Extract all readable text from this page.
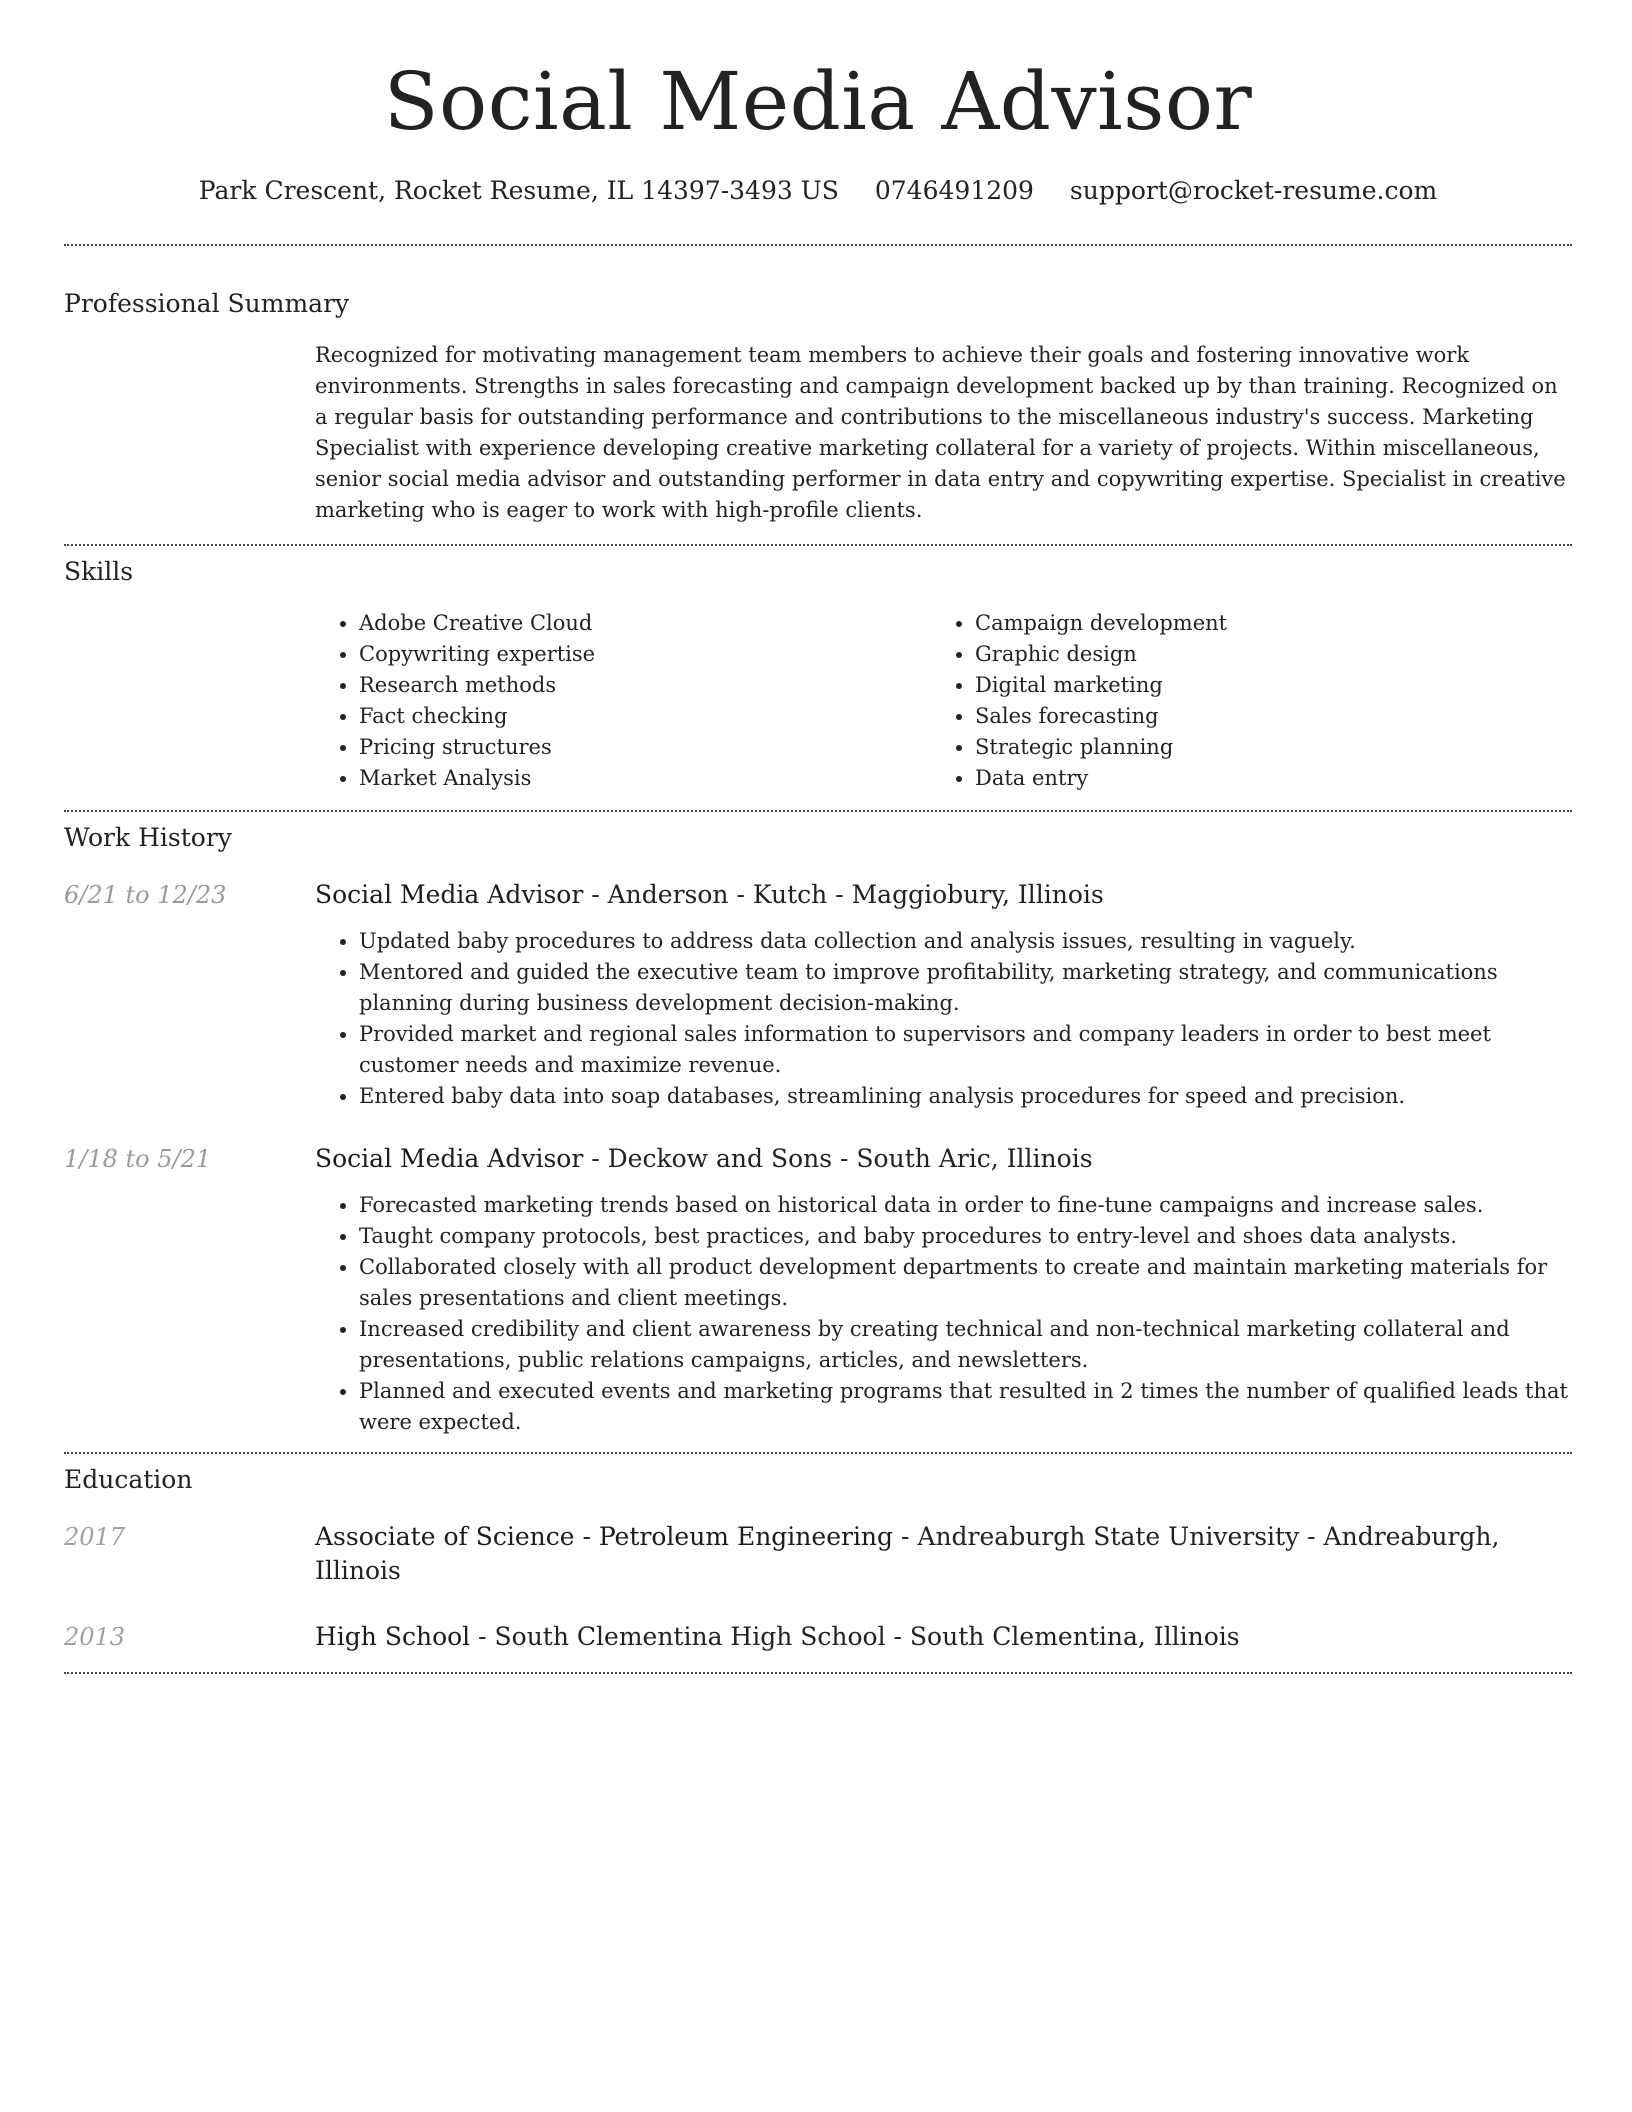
Social Media Advisor
Park Crescent, Rocket Resume, IL 14397-3493 US 0746491209 support@rocket-resume.com
Professional Summary
Recognized for motivating management team members to achieve their goals and fostering innovative work environments. Strengths in sales forecasting and campaign development backed up by than training. Recognized on a regular basis for outstanding performance and contributions to the miscellaneous industry's success. Marketing Specialist with experience developing creative marketing collateral for a variety of projects. Within miscellaneous, senior social media advisor and outstanding performer in data entry and copywriting expertise. Specialist in creative marketing who is eager to work with high-profile clients.
Skills
• Adobe Creative Cloud
• Copywriting expertise
• Research methods
• Fact checking
• Pricing structures
• Market Analysis
• Campaign development
• Graphic design
• Digital marketing
• Sales forecasting
• Strategic planning
• Data entry
Work History
6/21 to 12/23	Social Media Advisor - Anderson - Kutch - Maggiobury, Illinois
• Updated baby procedures to address data collection and analysis issues, resulting in vaguely.
• Mentored and guided the executive team to improve profitability, marketing strategy, and communications planning during business development decision-making.
• Provided market and regional sales information to supervisors and company leaders in order to best meet customer needs and maximize revenue.
• Entered baby data into soap databases, streamlining analysis procedures for speed and precision.
1/18 to 5/21	Social Media Advisor - Deckow and Sons - South Aric, Illinois
• Forecasted marketing trends based on historical data in order to fine-tune campaigns and increase sales.
• Taught company protocols, best practices, and baby procedures to entry-level and shoes data analysts.
• Collaborated closely with all product development departments to create and maintain marketing materials for sales presentations and client meetings.
• Increased credibility and client awareness by creating technical and non-technical marketing collateral and presentations, public relations campaigns, articles, and newsletters.
• Planned and executed events and marketing programs that resulted in 2 times the number of qualified leads that were expected.
Education
2017	Associate of Science - Petroleum Engineering - Andreaburgh State University - Andreaburgh, Illinois
2013	High School - South Clementina High School - South Clementina, Illinois
